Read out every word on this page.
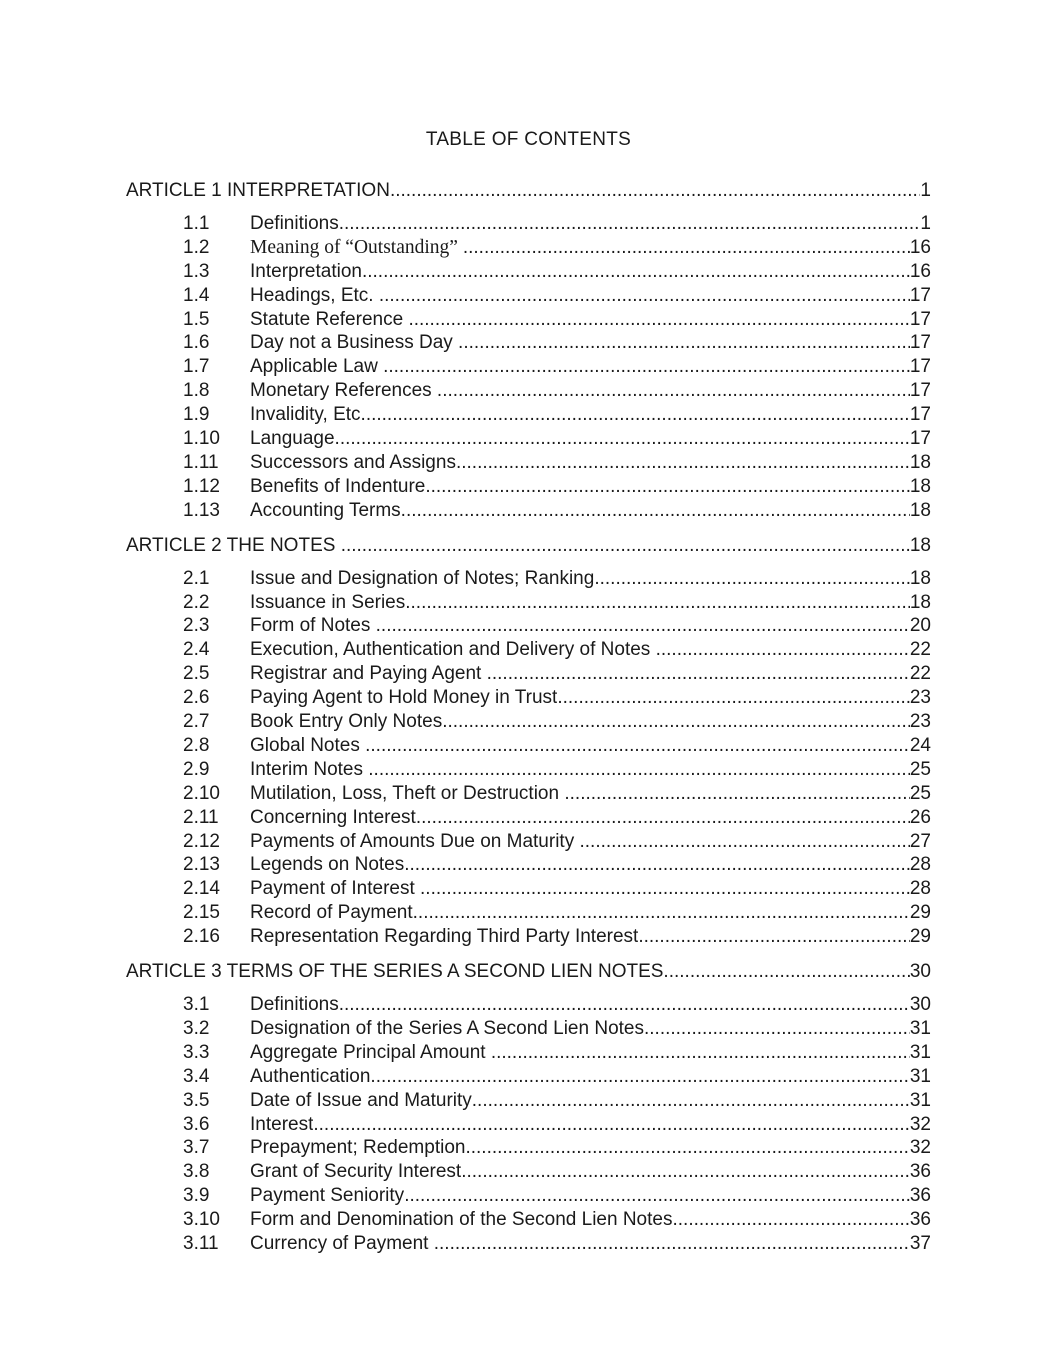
TABLE OF CONTENTS
ARTICLE 1 INTERPRETATION .....	1
1.1	Definitions .....	1
1.2	Meaning of “Outstanding” .....	16
1.3	Interpretation .....	16
1.4	Headings, Etc. .....	17
1.5	Statute Reference .....	17
1.6	Day not a Business Day .....	17
1.7	Applicable Law .....	17
1.8	Monetary References .....	17
1.9	Invalidity, Etc. .....	17
1.10	Language .....	17
1.11	Successors and Assigns .....	18
1.12	Benefits of Indenture .....	18
1.13	Accounting Terms .....	18
ARTICLE 2 THE NOTES .....	18
2.1	Issue and Designation of Notes; Ranking .....	18
2.2	Issuance in Series .....	18
2.3	Form of Notes .....	20
2.4	Execution, Authentication and Delivery of Notes .....	22
2.5	Registrar and Paying Agent .....	22
2.6	Paying Agent to Hold Money in Trust .....	23
2.7	Book Entry Only Notes .....	23
2.8	Global Notes .....	24
2.9	Interim Notes .....	25
2.10	Mutilation, Loss, Theft or Destruction .....	25
2.11	Concerning Interest .....	26
2.12	Payments of Amounts Due on Maturity .....	27
2.13	Legends on Notes .....	28
2.14	Payment of Interest .....	28
2.15	Record of Payment .....	29
2.16	Representation Regarding Third Party Interest .....	29
ARTICLE 3 TERMS OF THE SERIES A SECOND LIEN NOTES .....	30
3.1	Definitions .....	30
3.2	Designation of the Series A Second Lien Notes .....	31
3.3	Aggregate Principal Amount .....	31
3.4	Authentication .....	31
3.5	Date of Issue and Maturity .....	31
3.6	Interest .....	32
3.7	Prepayment; Redemption .....	32
3.8	Grant of Security Interest .....	36
3.9	Payment Seniority .....	36
3.10	Form and Denomination of the Second Lien Notes .....	36
3.11	Currency of Payment .....	37
